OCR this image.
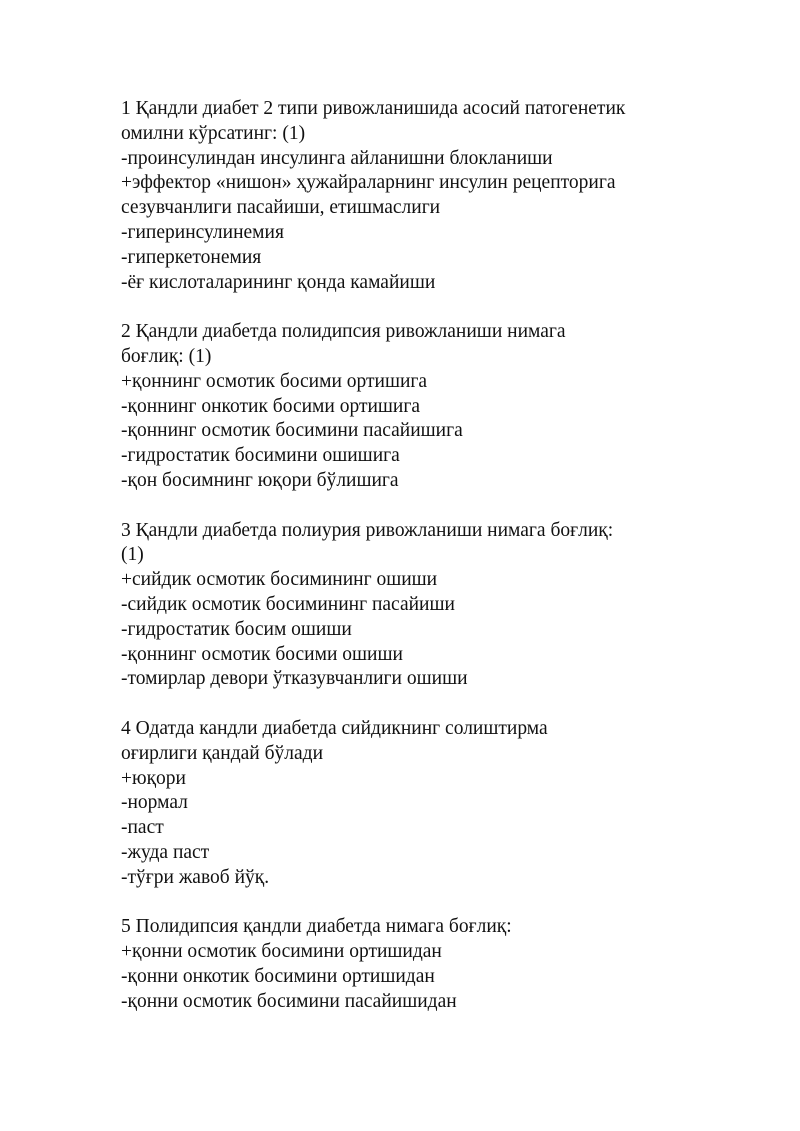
1 Қандли диабет 2 типи ривожланишида асосий патогенетик
омилни кўрсатинг: (1)
-проинсулиндан инсулинга айланишни блокланиши
+эффектор «нишон» ҳужайраларнинг инсулин рецепторига
сезувчанлиги пасайиши, етишмаслиги
-гиперинсулинемия
-гиперкетонемия
-ёғ кислоталарининг қонда камайиши
2 Қандли диабетда полидипсия ривожланиши нимага
боғлиқ: (1)
+қоннинг осмотик босими ортишига
-қоннинг онкотик босими ортишига
-қоннинг осмотик босимини пасайишига
-гидростатик босимини ошишига
-қон босимнинг юқори бўлишига
3 Қандли диабетда полиурия ривожланиши нимага боғлиқ:
(1)
+сийдик осмотик босимининг ошиши
-сийдик осмотик босимининг пасайиши
-гидростатик босим ошиши
-қоннинг осмотик босими ошиши
-томирлар девори ўтказувчанлиги ошиши
4 Одатда кандли диабетда сийдикнинг солиштирма
оғирлиги қандай бўлади
+юқори
-нормал
-паст
-жуда паст
-тўғри жавоб йўқ.
5 Полидипсия қандли диабетда нимага боғлиқ:
+қонни осмотик босимини ортишидан
-қонни онкотик босимини ортишидан
-қонни осмотик босимини пасайишидан
